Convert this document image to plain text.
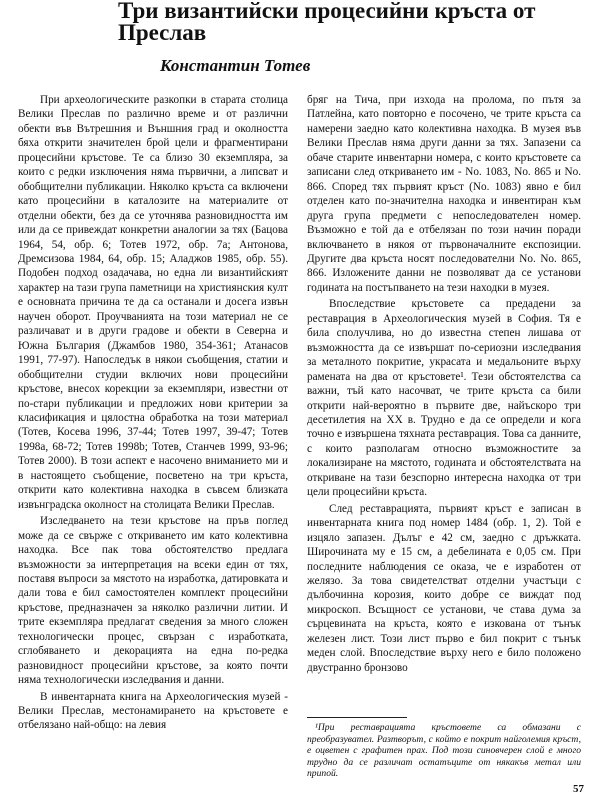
Три византийски процесийни кръста от Преслав
Константин Тотев

При археологическите разкопки в старата столица Велики Преслав по различно време и от различни обекти във Вътрешния и Външния град и околността бяха открити значителен брой цели и фрагментирани процесийни кръстове. Те са близо 30 екземпляра, за които с редки изключения няма първични, а липсват и обобщителни публикации. Няколко кръста са включени като процесийни в каталозите на материалите от отделни обекти, без да се уточнява разновидността им или да се привеждат конкретни аналогии за тях (Бацова 1964, 54, обр. 6; Тотев 1972, обр. 7а; Антонова, Дремсизова 1984, 64, обр. 15; Аладжов 1985, обр. 55). Подобен подход озадачава, но една ли византийският характер на тази група паметници на християнския култ е основната причина те да са останали и досега извън научен оборот. Проучванията на този материал не се различават и в други градове и обекти в Северна и Южна България (Джамбов 1980, 354-361; Атанасов 1991, 77-97). Напоследък в някои съобщения, статии и обобщителни студии включих нови процесийни кръстове, внесох корекции за екземпляри, известни от по-стари публикации и предложих нови критерии за класификация и цялостна обработка на този материал (Тотев, Косева 1996, 37-44; Тотев 1997, 39-47; Тотев 1998а, 68-72; Тотев 1998b; Тотев, Станчев 1999, 93-96; Тотев 2000). В този аспект е насочено вниманието ми и в настоящето съобщение, посветено на три кръста, открити като колективна находка в съвсем близката извънградска околност на столицата Велики Преслав.

Изследването на тези кръстове на пръв поглед може да се свърже с откриването им като колективна находка. Все пак това обстоятелство предлага възможности за интерпретация на всеки един от тях, поставя въпроси за мястото на изработка, датировката и дали това е бил самостоятелен комплект процесийни кръстове, предназначен за няколко различни литии. И трите екземпляра предлагат сведения за много сложен технологически процес, свързан с изработката, сглобяването и декорацията на една по-редка разновидност процесийни кръстове, за която почти няма технологически изследвания и данни.

В инвентарната книга на Археологическия музей - Велики Преслав, местонамирането на кръстовете е отбелязано най-общо: на левия

бряг на Тича, при изхода на пролома, по пътя за Патлейна, като повторно е посочено, че трите кръста са намерени заедно като колективна находка. В музея във Велики Преслав няма други данни за тях. Запазени са обаче старите инвентарни номера, с които кръстовете са записани след откриването им - No. 1083, No. 865 и No. 866. Според тях първият кръст (No. 1083) явно е бил отделен като по-значителна находка и инвентиран към друга група предмети с непоследователен номер. Възможно е той да е отбелязан по този начин поради включването в някоя от първоначалните експозиции. Другите два кръста носят последователни No. No. 865, 866. Изложените данни не позволяват да се установи годината на постъпването на тези находки в музея.

Впоследствие кръстовете са предадени за реставрация в Археологическия музей в София. Тя е била сполучлива, но до известна степен лишава от възможността да се извършат по-сериозни изследвания за металното покритие, украсата и медальоните върху рамената на два от кръстовете¹. Тези обстоятелства са важни, тъй като насочват, че трите кръста са били открити най-вероятно в първите две, найъскоро три десетилетия на ХХ в. Трудно е да се определи и кога точно е извършена тяхната реставрация. Това са данните, с които разполагам относно възможностите за локализиране на мястото, годината и обстоятелствата на откриване на тази безспорно интересна находка от три цели процесийни кръста.

След реставрацията, първият кръст е записан в инвентарната книга под номер 1484 (обр. 1, 2). Той е изцяло запазен. Дълъг е 42 см, заедно с дръжката. Широчината му е 15 см, а дебелината е 0,05 см. При последните наблюдения се оказа, че е изработен от желязо. За това свидетелстват отделни участъци с дълбочинна корозия, които добре се виждат под микроскоп. Всъщност се установи, че става дума за сърцевината на кръста, която е изкована от тънък железен лист. Този лист първо е бил покрит с тънък меден слой. Впоследствие върху него е било положено двустранно бронзово

¹При реставрацията кръстовете са обмазани с преобразувател. Разтворът, с който е покрит найголемия кръст, е оцветен с графитен прах. Под този синовчерен слой е много трудно да се различат остатъците от някакъв метал или припой.

57
